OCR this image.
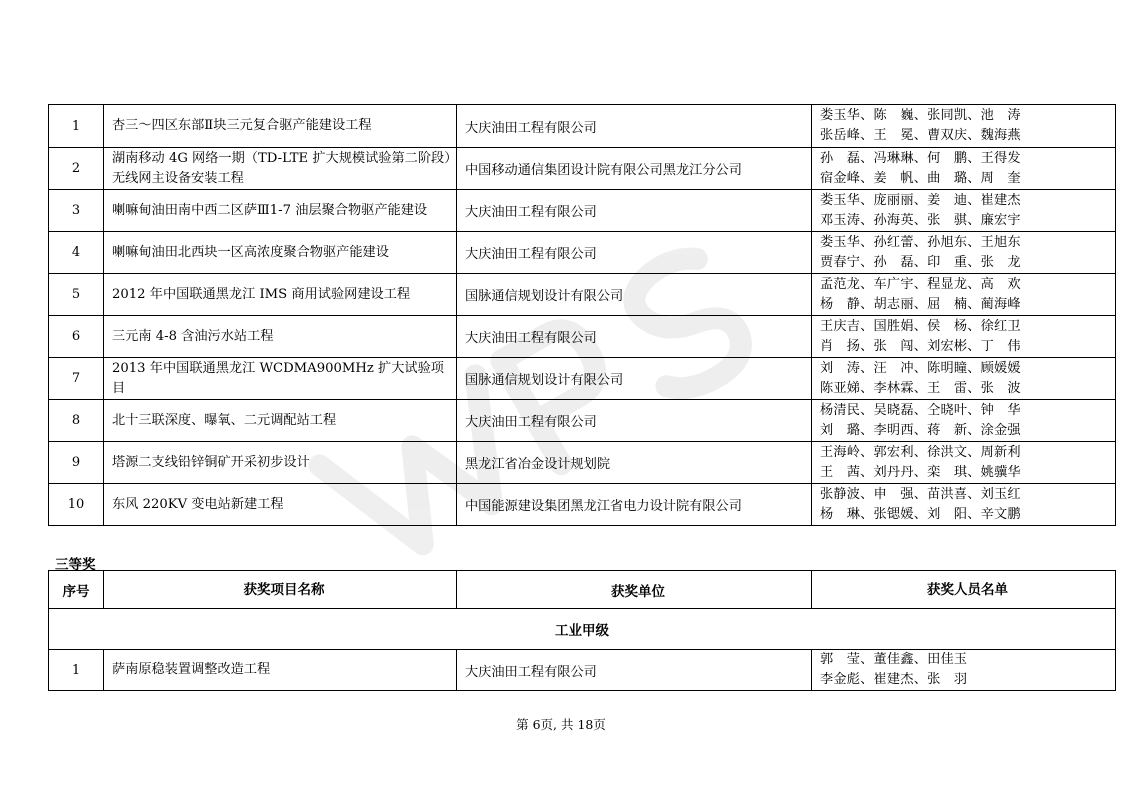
1	杏三～四区东部Ⅱ块三元复合驱产能建设工程	大庆油田工程有限公司	娄玉华、陈　巍、张同凯、池　涛
张岳峰、王　冕、曹双庆、魏海燕

2	湖南移动 4G 网络一期（TD-LTE 扩大规模试验第二阶段）无线网主设备安装工程	中国移动通信集团设计院有限公司黑龙江分公司	孙　磊、冯琳琳、何　鹏、王得发
宿金峰、姜　帆、曲　璐、周　奎

3	喇嘛甸油田南中西二区萨Ⅲ1-7 油层聚合物驱产能建设	大庆油田工程有限公司	娄玉华、庞丽丽、姜　迪、崔建杰
邓玉涛、孙海英、张　骐、廉宏宇

4	喇嘛甸油田北西块一区高浓度聚合物驱产能建设	大庆油田工程有限公司	娄玉华、孙红蕾、孙旭东、王旭东
贾春宁、孙　磊、印　重、张　龙

5	2012 年中国联通黑龙江 IMS 商用试验网建设工程	国脉通信规划设计有限公司	孟范龙、车广宇、程显龙、高　欢
杨　静、胡志丽、屈　楠、蔺海峰

6	三元南 4-8 含油污水站工程	大庆油田工程有限公司	王庆吉、国胜娟、侯　杨、徐红卫
肖　扬、张　闯、刘宏彬、丁　伟

7	2013 年中国联通黑龙江 WCDMA900MHz 扩大试验项目	国脉通信规划设计有限公司	刘　涛、汪　冲、陈明瞳、顾媛媛
陈亚娣、李林霖、王　雷、张　波

8	北十三联深度、曝氧、二元调配站工程	大庆油田工程有限公司	杨清民、吴晓磊、仝晓叶、钟　华
刘　璐、李明西、蒋　新、涂金强

9	塔源二支线铅锌铜矿开采初步设计	黑龙江省冶金设计规划院	王海岭、郭宏利、徐洪文、周新利
王　茜、刘丹丹、栾　琪、姚骥华

10	东风 220KV 变电站新建工程	中国能源建设集团黑龙江省电力设计院有限公司	张静波、申　强、苗洪喜、刘玉红
杨　琳、张锶媛、刘　阳、辛文鹏
三等奖
序号	获奖项目名称	获奖单位	获奖人员名单
工业甲级			
1	萨南原稳装置调整改造工程	大庆油田工程有限公司	郭　莹、董佳鑫、田佳玉
李金彪、崔建杰、张　羽
第 6页, 共 18页
